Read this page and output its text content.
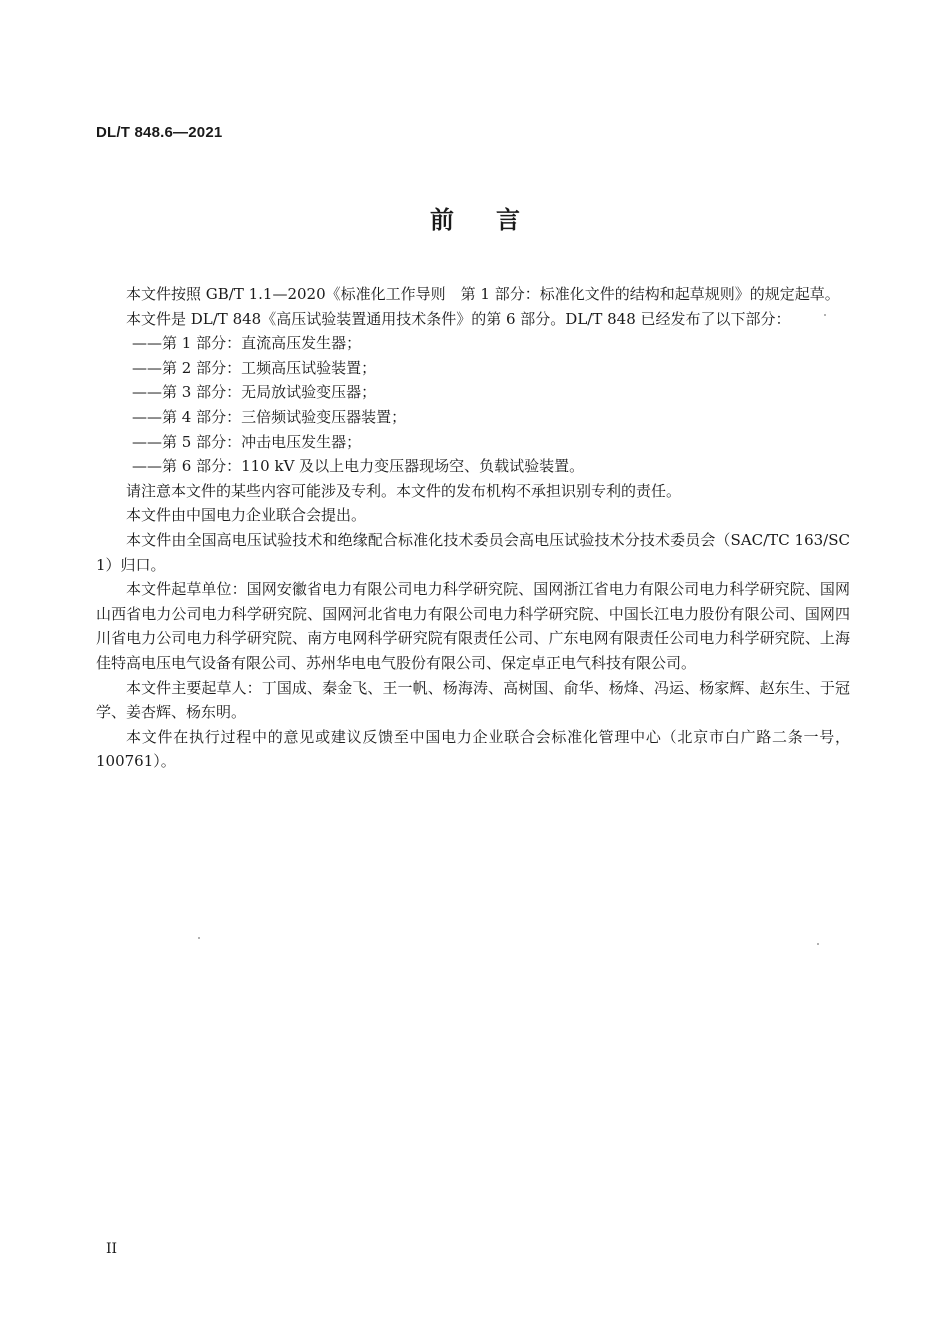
DL/T 848.6—2021
前言

本文件按照 GB/T 1.1—2020《标准化工作导则　第 1 部分：标准化文件的结构和起草规则》的规定起草。

本文件是 DL/T 848《高压试验装置通用技术条件》的第 6 部分。DL/T 848 已经发布了以下部分：

——第 1 部分：直流高压发生器；

——第 2 部分：工频高压试验装置；

——第 3 部分：无局放试验变压器；

——第 4 部分：三倍频试验变压器装置；

——第 5 部分：冲击电压发生器；

——第 6 部分：110 kV 及以上电力变压器现场空、负载试验装置。

请注意本文件的某些内容可能涉及专利。本文件的发布机构不承担识别专利的责任。

本文件由中国电力企业联合会提出。

本文件由全国高电压试验技术和绝缘配合标准化技术委员会高电压试验技术分技术委员会（SAC/TC 163/SC 1）归口。

本文件起草单位：国网安徽省电力有限公司电力科学研究院、国网浙江省电力有限公司电力科学研究院、国网山西省电力公司电力科学研究院、国网河北省电力有限公司电力科学研究院、中国长江电力股份有限公司、国网四川省电力公司电力科学研究院、南方电网科学研究院有限责任公司、广东电网有限责任公司电力科学研究院、上海佳特高电压电气设备有限公司、苏州华电电气股份有限公司、保定卓正电气科技有限公司。

本文件主要起草人：丁国成、秦金飞、王一帆、杨海涛、高树国、俞华、杨烽、冯运、杨家辉、赵东生、于冠学、姜杏辉、杨东明。

本文件在执行过程中的意见或建议反馈至中国电力企业联合会标准化管理中心（北京市白广路二条一号，100761）。

II
